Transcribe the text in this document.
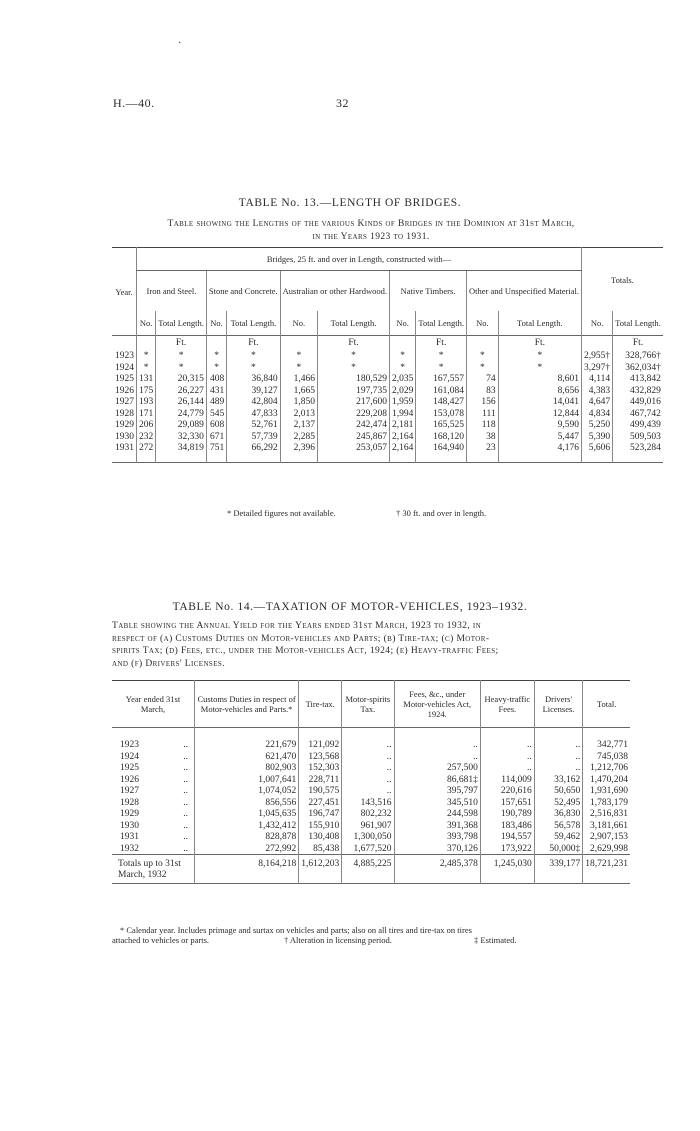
·
H.—40.	32
TABLE No. 13.—LENGTH OF BRIDGES.
Table showing the Lengths of the various Kinds of Bridges in the Dominion at 31st March,
in the Years 1923 to 1931.
Year.	Bridges, 25 ft. and over in Length, constructed with—										Totals.	
	Iron and Steel.		Stone and Concrete.		Australian or other Hardwood.		Native Timbers.		Other and Unspecified Material.			
	No.	Total Length.	No.	Total Length.	No.	Total Length.	No.	Total Length.	No.	Total Length.	No.	Total Length.
		Ft.		Ft.		Ft.		Ft.		Ft.		Ft.
1923	*	*	*	*	*	*	*	*	*	*	2,955†	328,766†
1924	*	*	*	*	*	*	*	*	*	*	3,297†	362,034†
1925	131	20,315	408	36,840	1,466	180,529	2,035	167,557	74	8,601	4,114	413,842
1926	175	26,227	431	39,127	1,665	197,735	2,029	161,084	83	8,656	4,383	432,829
1927	193	26,144	489	42,804	1,850	217,600	1,959	148,427	156	14,041	4,647	449,016
1928	171	24,779	545	47,833	2,013	229,208	1,994	153,078	111	12,844	4,834	467,742
1929	206	29,089	608	52,761	2,137	242,474	2,181	165,525	118	9,590	5,250	499,439
1930	232	32,330	671	57,739	2,285	245,867	2,164	168,120	38	5,447	5,390	509,503
1931	272	34,819	751	66,292	2,396	253,057	2,164	164,940	23	4,176	5,606	523,284

* Detailed figures not available.	† 30 ft. and over in length.
TABLE No. 14.—TAXATION OF MOTOR-VEHICLES, 1923–1932.
Table showing the Annual Yield for the Years ended 31st March, 1923 to 1932, in
respect of (a) Customs Duties on Motor-vehicles and Parts; (b) Tire-tax; (c) Motor-
spirits Tax; (d) Fees, etc., under the Motor-vehicles Act, 1924; (e) Heavy-traffic Fees;
and (f) Drivers' Licenses.
Year ended 31st March,	Customs Duties in respect of Motor-vehicles and Parts.*	Tire-tax.	Motor-spirits Tax.	Fees, &c., under Motor-vehicles Act, 1924.	Heavy-traffic Fees.	Drivers' Licenses.	Total.

1923 ..	221,679	121,092	..	..	..	..	342,771
1924 ..	621,470	123,568	..	..	..	..	745,038
1925 ..	802,903	152,303	..	257,500	..	..	1,212,706
1926 ..	1,007,641	228,711	..	86,681‡	114,009	33,162	1,470,204
1927 ..	1,074,052	190,575	..	395,797	220,616	50,650	1,931,690
1928 ..	856,556	227,451	143,516	345,510	157,651	52,495	1,783,179
1929 ..	1,045,635	196,747	802,232	244,598	190,789	36,830	2,516,831
1930 ..	1,432,412	155,910	961,907	391,368	183,486	56,578	3,181,661
1931 ..	828,878	130,408	1,300,050	393,798	194,557	59,462	2,907,153
1932 ..	272,992	85,438	1,677,520	370,126	173,922	50,000‡	2,629,998
Totals up to 31st March, 1932	8,164,218	1,612,203	4,885,225	2,485,378	1,245,030	339,177	18,721,231
* Calendar year. Includes primage and surtax on vehicles and parts; also on all tires and tire-tax on tires
attached to vehicles or parts.	† Alteration in licensing period.	‡ Estimated.
